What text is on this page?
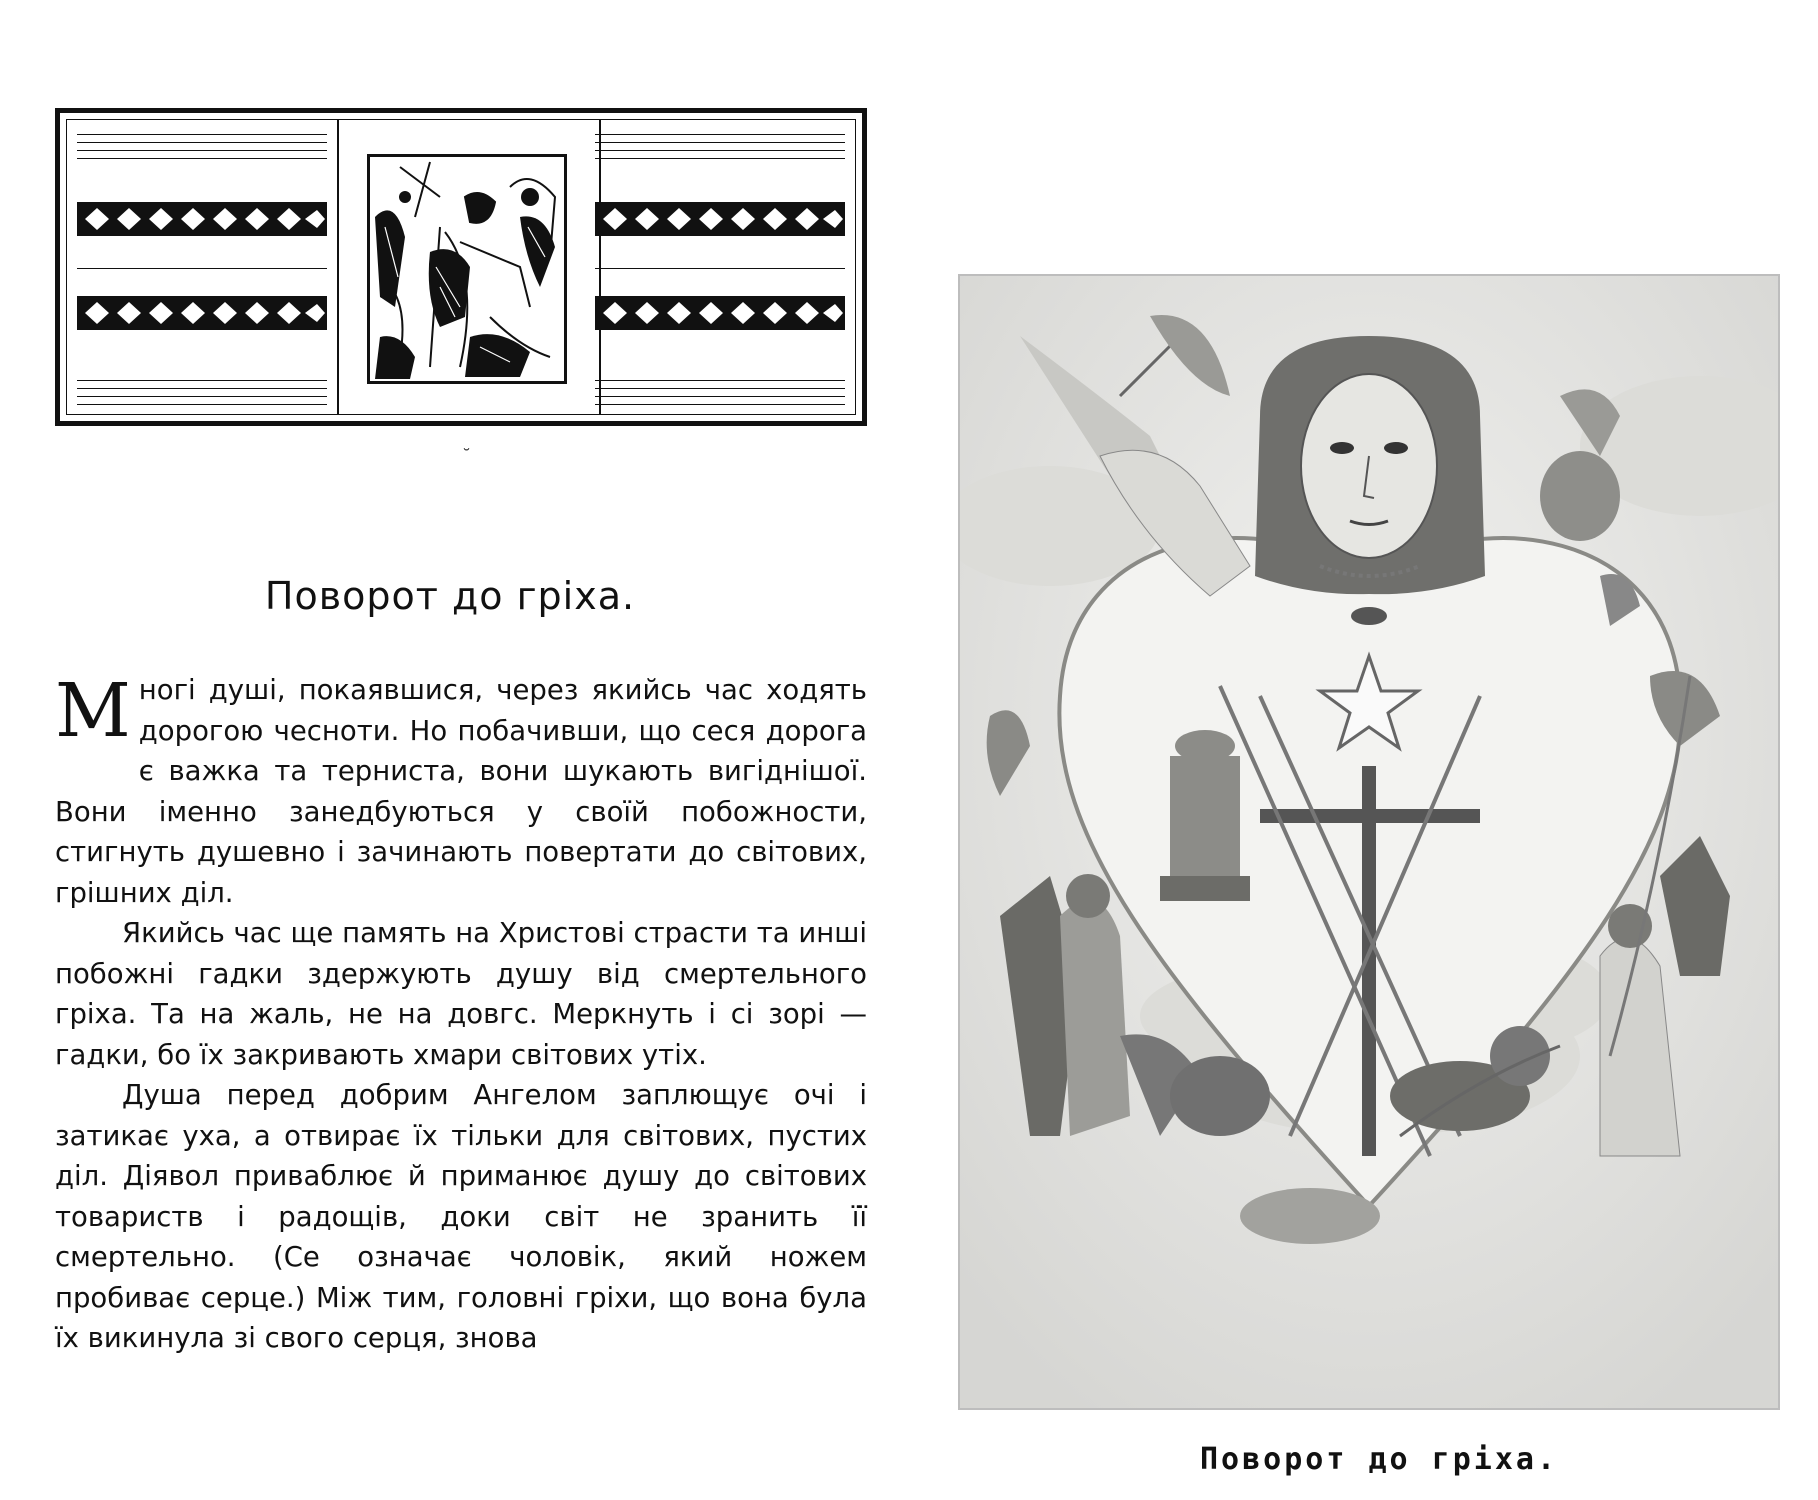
˘
Поворот до гріха.

Многі душі, покаявшися, через якийсь час ходять дорогою чесноти. Но побачивши, що сеся дорога є важка та терниста, вони шукають вигіднішої. Вони іменно занедбуються у своїй побожности, стигнуть душевно і зачинають повертати до світових, грішних діл.

Якийсь час ще память на Христові страсти та инші побожні гадки здержують душу від смертельного гріха. Та на жаль, не на довгс. Меркнуть і сі зорі — гадки, бо їх закривають хмари світових утіх.

Душа перед добрим Ангелом заплющує очі і затикає уха, а отвирає їх тільки для світових, пустих діл. Діявол приваблює й приманює душу до світових товариств і радощів, доки світ не зранить її смертельно. (Се означає чоловік, який ножем пробиває серце.) Між тим, головні гріхи, що вона була їх викинула зі свого серця, знова

Поворот до гріха.
